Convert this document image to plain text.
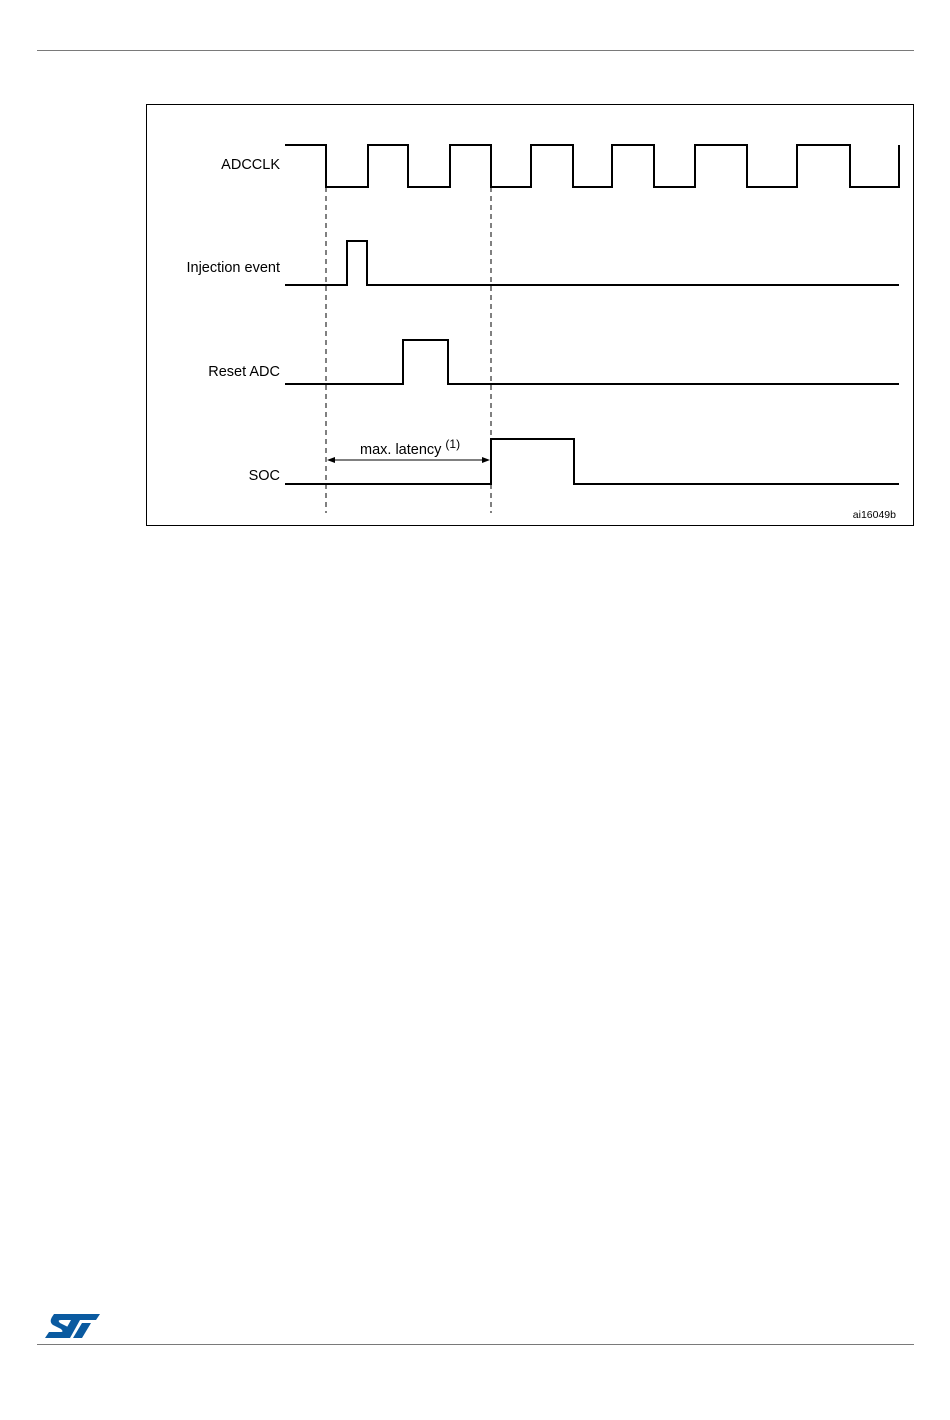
ADCCLK
Injection event
Reset ADC
SOC
max. latency $^{(1)}$
ai16049b
